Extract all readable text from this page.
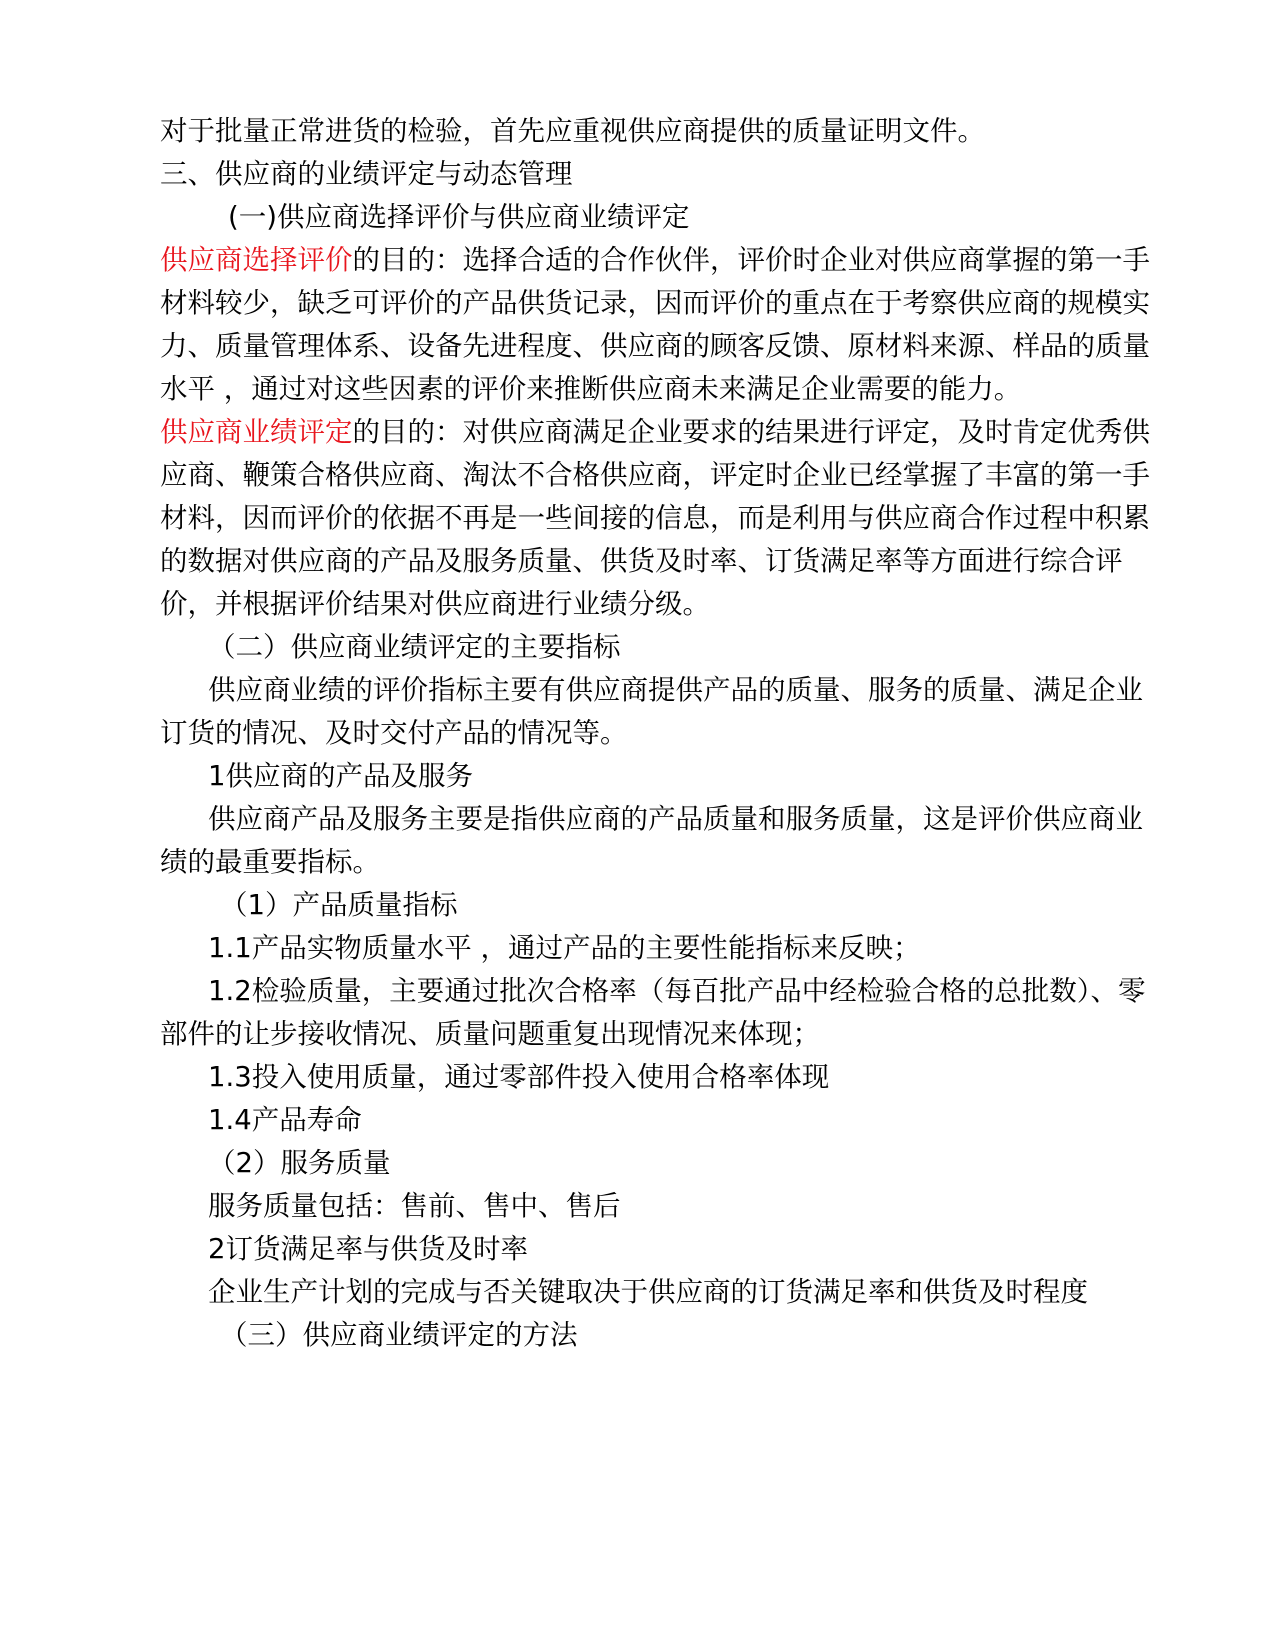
对于批量正常进货的检验，首先应重视供应商提供的质量证明文件。

三、供应商的业绩评定与动态管理

(一)供应商选择评价与供应商业绩评定

供应商选择评价的目的：选择合适的合作伙伴，评价时企业对供应商掌握的第一手材料较少，缺乏可评价的产品供货记录，因而评价的重点在于考察供应商的规模实力、质量管理体系、设备先进程度、供应商的顾客反馈、原材料来源、样品的质量水平 ，通过对这些因素的评价来推断供应商未来满足企业需要的能力。

供应商业绩评定的目的：对供应商满足企业要求的结果进行评定，及时肯定优秀供应商、鞭策合格供应商、淘汰不合格供应商，评定时企业已经掌握了丰富的第一手材料，因而评价的依据不再是一些间接的信息，而是利用与供应商合作过程中积累的数据对供应商的产品及服务质量、供货及时率、订货满足率等方面进行综合评价，并根据评价结果对供应商进行业绩分级。

（二）供应商业绩评定的主要指标

供应商业绩的评价指标主要有供应商提供产品的质量、服务的质量、满足企业订货的情况、及时交付产品的情况等。

1供应商的产品及服务

供应商产品及服务主要是指供应商的产品质量和服务质量，这是评价供应商业绩的最重要指标。

（1）产品质量指标

1.1产品实物质量水平 ，通过产品的主要性能指标来反映；

1.2检验质量，主要通过批次合格率（每百批产品中经检验合格的总批数）、零部件的让步接收情况、质量问题重复出现情况来体现；

1.3投入使用质量，通过零部件投入使用合格率体现

1.4产品寿命

（2）服务质量

服务质量包括：售前、售中、售后

2订货满足率与供货及时率

企业生产计划的完成与否关键取决于供应商的订货满足率和供货及时程度

（三）供应商业绩评定的方法
